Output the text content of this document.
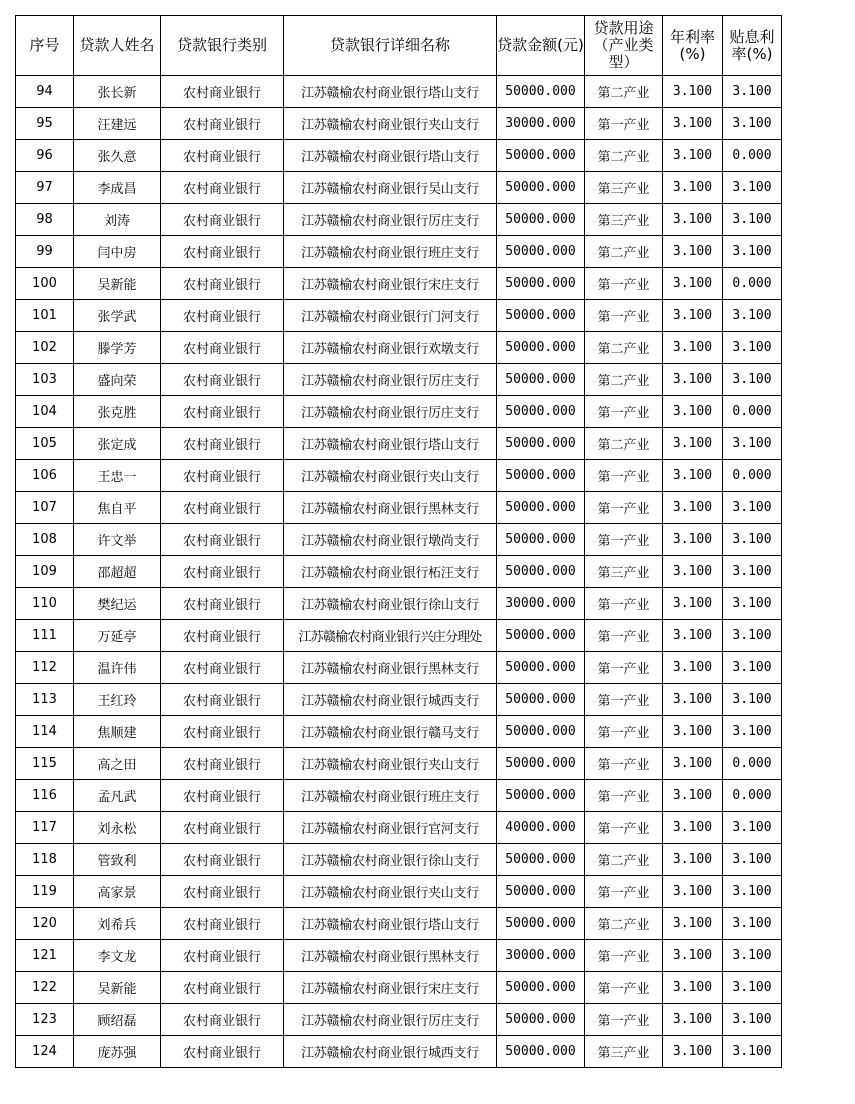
序号	贷款人姓名	贷款银行类别	贷款银行详细名称	贷款金额(元)	贷款用途（产业类型）	年利率(%)	贴息利率(%)
94	张长新	农村商业银行	江苏赣榆农村商业银行塔山支行	50000.000	第二产业	3.100	3.100
95	汪建远	农村商业银行	江苏赣榆农村商业银行夹山支行	30000.000	第一产业	3.100	3.100
96	张久意	农村商业银行	江苏赣榆农村商业银行塔山支行	50000.000	第二产业	3.100	0.000
97	李成昌	农村商业银行	江苏赣榆农村商业银行吴山支行	50000.000	第三产业	3.100	3.100
98	刘涛	农村商业银行	江苏赣榆农村商业银行厉庄支行	50000.000	第三产业	3.100	3.100
99	闫中房	农村商业银行	江苏赣榆农村商业银行班庄支行	50000.000	第二产业	3.100	3.100
100	吴新能	农村商业银行	江苏赣榆农村商业银行宋庄支行	50000.000	第一产业	3.100	0.000
101	张学武	农村商业银行	江苏赣榆农村商业银行门河支行	50000.000	第一产业	3.100	3.100
102	滕学芳	农村商业银行	江苏赣榆农村商业银行欢墩支行	50000.000	第二产业	3.100	3.100
103	盛向荣	农村商业银行	江苏赣榆农村商业银行厉庄支行	50000.000	第二产业	3.100	3.100
104	张克胜	农村商业银行	江苏赣榆农村商业银行厉庄支行	50000.000	第一产业	3.100	0.000
105	张定成	农村商业银行	江苏赣榆农村商业银行塔山支行	50000.000	第二产业	3.100	3.100
106	王忠一	农村商业银行	江苏赣榆农村商业银行夹山支行	50000.000	第一产业	3.100	0.000
107	焦自平	农村商业银行	江苏赣榆农村商业银行黑林支行	50000.000	第一产业	3.100	3.100
108	许文举	农村商业银行	江苏赣榆农村商业银行墩尚支行	50000.000	第一产业	3.100	3.100
109	邵超超	农村商业银行	江苏赣榆农村商业银行柘汪支行	50000.000	第三产业	3.100	3.100
110	樊纪运	农村商业银行	江苏赣榆农村商业银行徐山支行	30000.000	第一产业	3.100	3.100
111	万延亭	农村商业银行	江苏赣榆农村商业银行兴庄分理处	50000.000	第一产业	3.100	3.100
112	温许伟	农村商业银行	江苏赣榆农村商业银行黑林支行	50000.000	第一产业	3.100	3.100
113	王红玲	农村商业银行	江苏赣榆农村商业银行城西支行	50000.000	第一产业	3.100	3.100
114	焦顺建	农村商业银行	江苏赣榆农村商业银行赣马支行	50000.000	第一产业	3.100	3.100
115	高之田	农村商业银行	江苏赣榆农村商业银行夹山支行	50000.000	第一产业	3.100	0.000
116	孟凡武	农村商业银行	江苏赣榆农村商业银行班庄支行	50000.000	第一产业	3.100	0.000
117	刘永松	农村商业银行	江苏赣榆农村商业银行官河支行	40000.000	第一产业	3.100	3.100
118	管致利	农村商业银行	江苏赣榆农村商业银行徐山支行	50000.000	第二产业	3.100	3.100
119	高家景	农村商业银行	江苏赣榆农村商业银行夹山支行	50000.000	第一产业	3.100	3.100
120	刘希兵	农村商业银行	江苏赣榆农村商业银行塔山支行	50000.000	第二产业	3.100	3.100
121	李文龙	农村商业银行	江苏赣榆农村商业银行黑林支行	30000.000	第一产业	3.100	3.100
122	吴新能	农村商业银行	江苏赣榆农村商业银行宋庄支行	50000.000	第一产业	3.100	3.100
123	顾绍磊	农村商业银行	江苏赣榆农村商业银行厉庄支行	50000.000	第一产业	3.100	3.100
124	庞苏强	农村商业银行	江苏赣榆农村商业银行城西支行	50000.000	第三产业	3.100	3.100
